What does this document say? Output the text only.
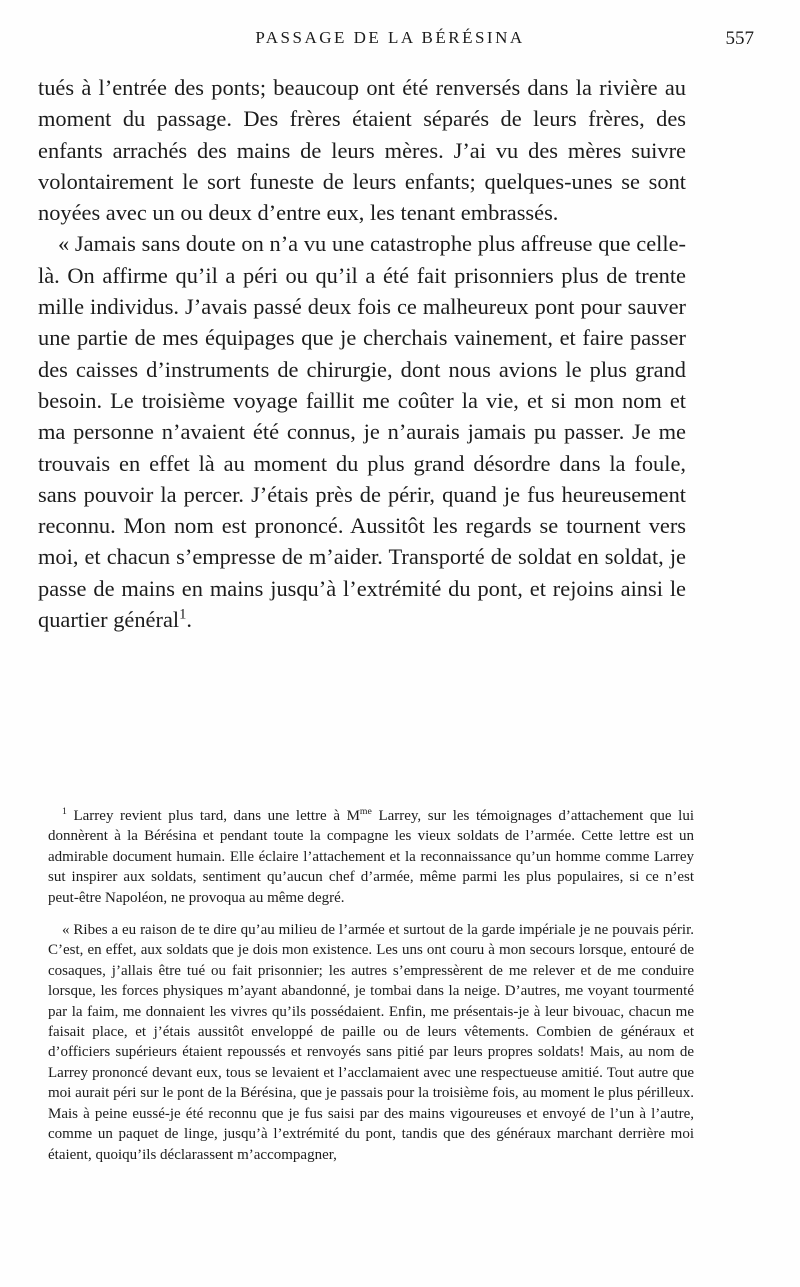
PASSAGE DE LA BÉRÉSINA	557

tués à l’entrée des ponts; beaucoup ont été renversés dans la rivière au moment du passage. Des frères étaient séparés de leurs frères, des enfants arrachés des mains de leurs mères. J’ai vu des mères suivre volontairement le sort funeste de leurs enfants; quelques-unes se sont noyées avec un ou deux d’entre eux, les tenant embrassés.

« Jamais sans doute on n’a vu une catastrophe plus affreuse que celle-là. On affirme qu’il a péri ou qu’il a été fait prisonniers plus de trente mille individus. J’avais passé deux fois ce malheureux pont pour sauver une partie de mes équipages que je cherchais vainement, et faire passer des caisses d’instruments de chirurgie, dont nous avions le plus grand besoin. Le troisième voyage faillit me coûter la vie, et si mon nom et ma personne n’avaient été connus, je n’aurais jamais pu passer. Je me trouvais en effet là au moment du plus grand désordre dans la foule, sans pouvoir la percer. J’étais près de périr, quand je fus heureusement reconnu. Mon nom est prononcé. Aussitôt les regards se tournent vers moi, et chacun s’empresse de m’aider. Transporté de soldat en soldat, je passe de mains en mains jusqu’à l’extrémité du pont, et rejoins ainsi le quartier général$^1$.

$^1$ Larrey revient plus tard, dans une lettre à $M^{me}$ Larrey, sur les témoignages d’attachement que lui donnèrent à la Bérésina et pendant toute la compagne les vieux soldats de l’armée. Cette lettre est un admirable document humain. Elle éclaire l’attachement et la reconnaissance qu’un homme comme Larrey sut inspirer aux soldats, sentiment qu’aucun chef d’armée, même parmi les plus populaires, si ce n’est peut-être Napoléon, ne provoqua au même degré.

« Ribes a eu raison de te dire qu’au milieu de l’armée et surtout de la garde impériale je ne pouvais périr. C’est, en effet, aux soldats que je dois mon existence. Les uns ont couru à mon secours lorsque, entouré de cosaques, j’allais être tué ou fait prisonnier; les autres s’empressèrent de me relever et de me conduire lorsque, les forces physiques m’ayant abandonné, je tombai dans la neige. D’autres, me voyant tourmenté par la faim, me donnaient les vivres qu’ils possédaient. Enfin, me présentais-je à leur bivouac, chacun me faisait place, et j’étais aussitôt enveloppé de paille ou de leurs vêtements. Combien de généraux et d’officiers supérieurs étaient repoussés et renvoyés sans pitié par leurs propres soldats! Mais, au nom de Larrey prononcé devant eux, tous se levaient et l’acclamaient avec une respectueuse amitié. Tout autre que moi aurait péri sur le pont de la Bérésina, que je passais pour la troisième fois, au moment le plus périlleux. Mais à peine eussé-je été reconnu que je fus saisi par des mains vigoureuses et envoyé de l’un à l’autre, comme un paquet de linge, jusqu’à l’extrémité du pont, tandis que des généraux marchant derrière moi étaient, quoiqu’ils déclarassent m’accompagner,
